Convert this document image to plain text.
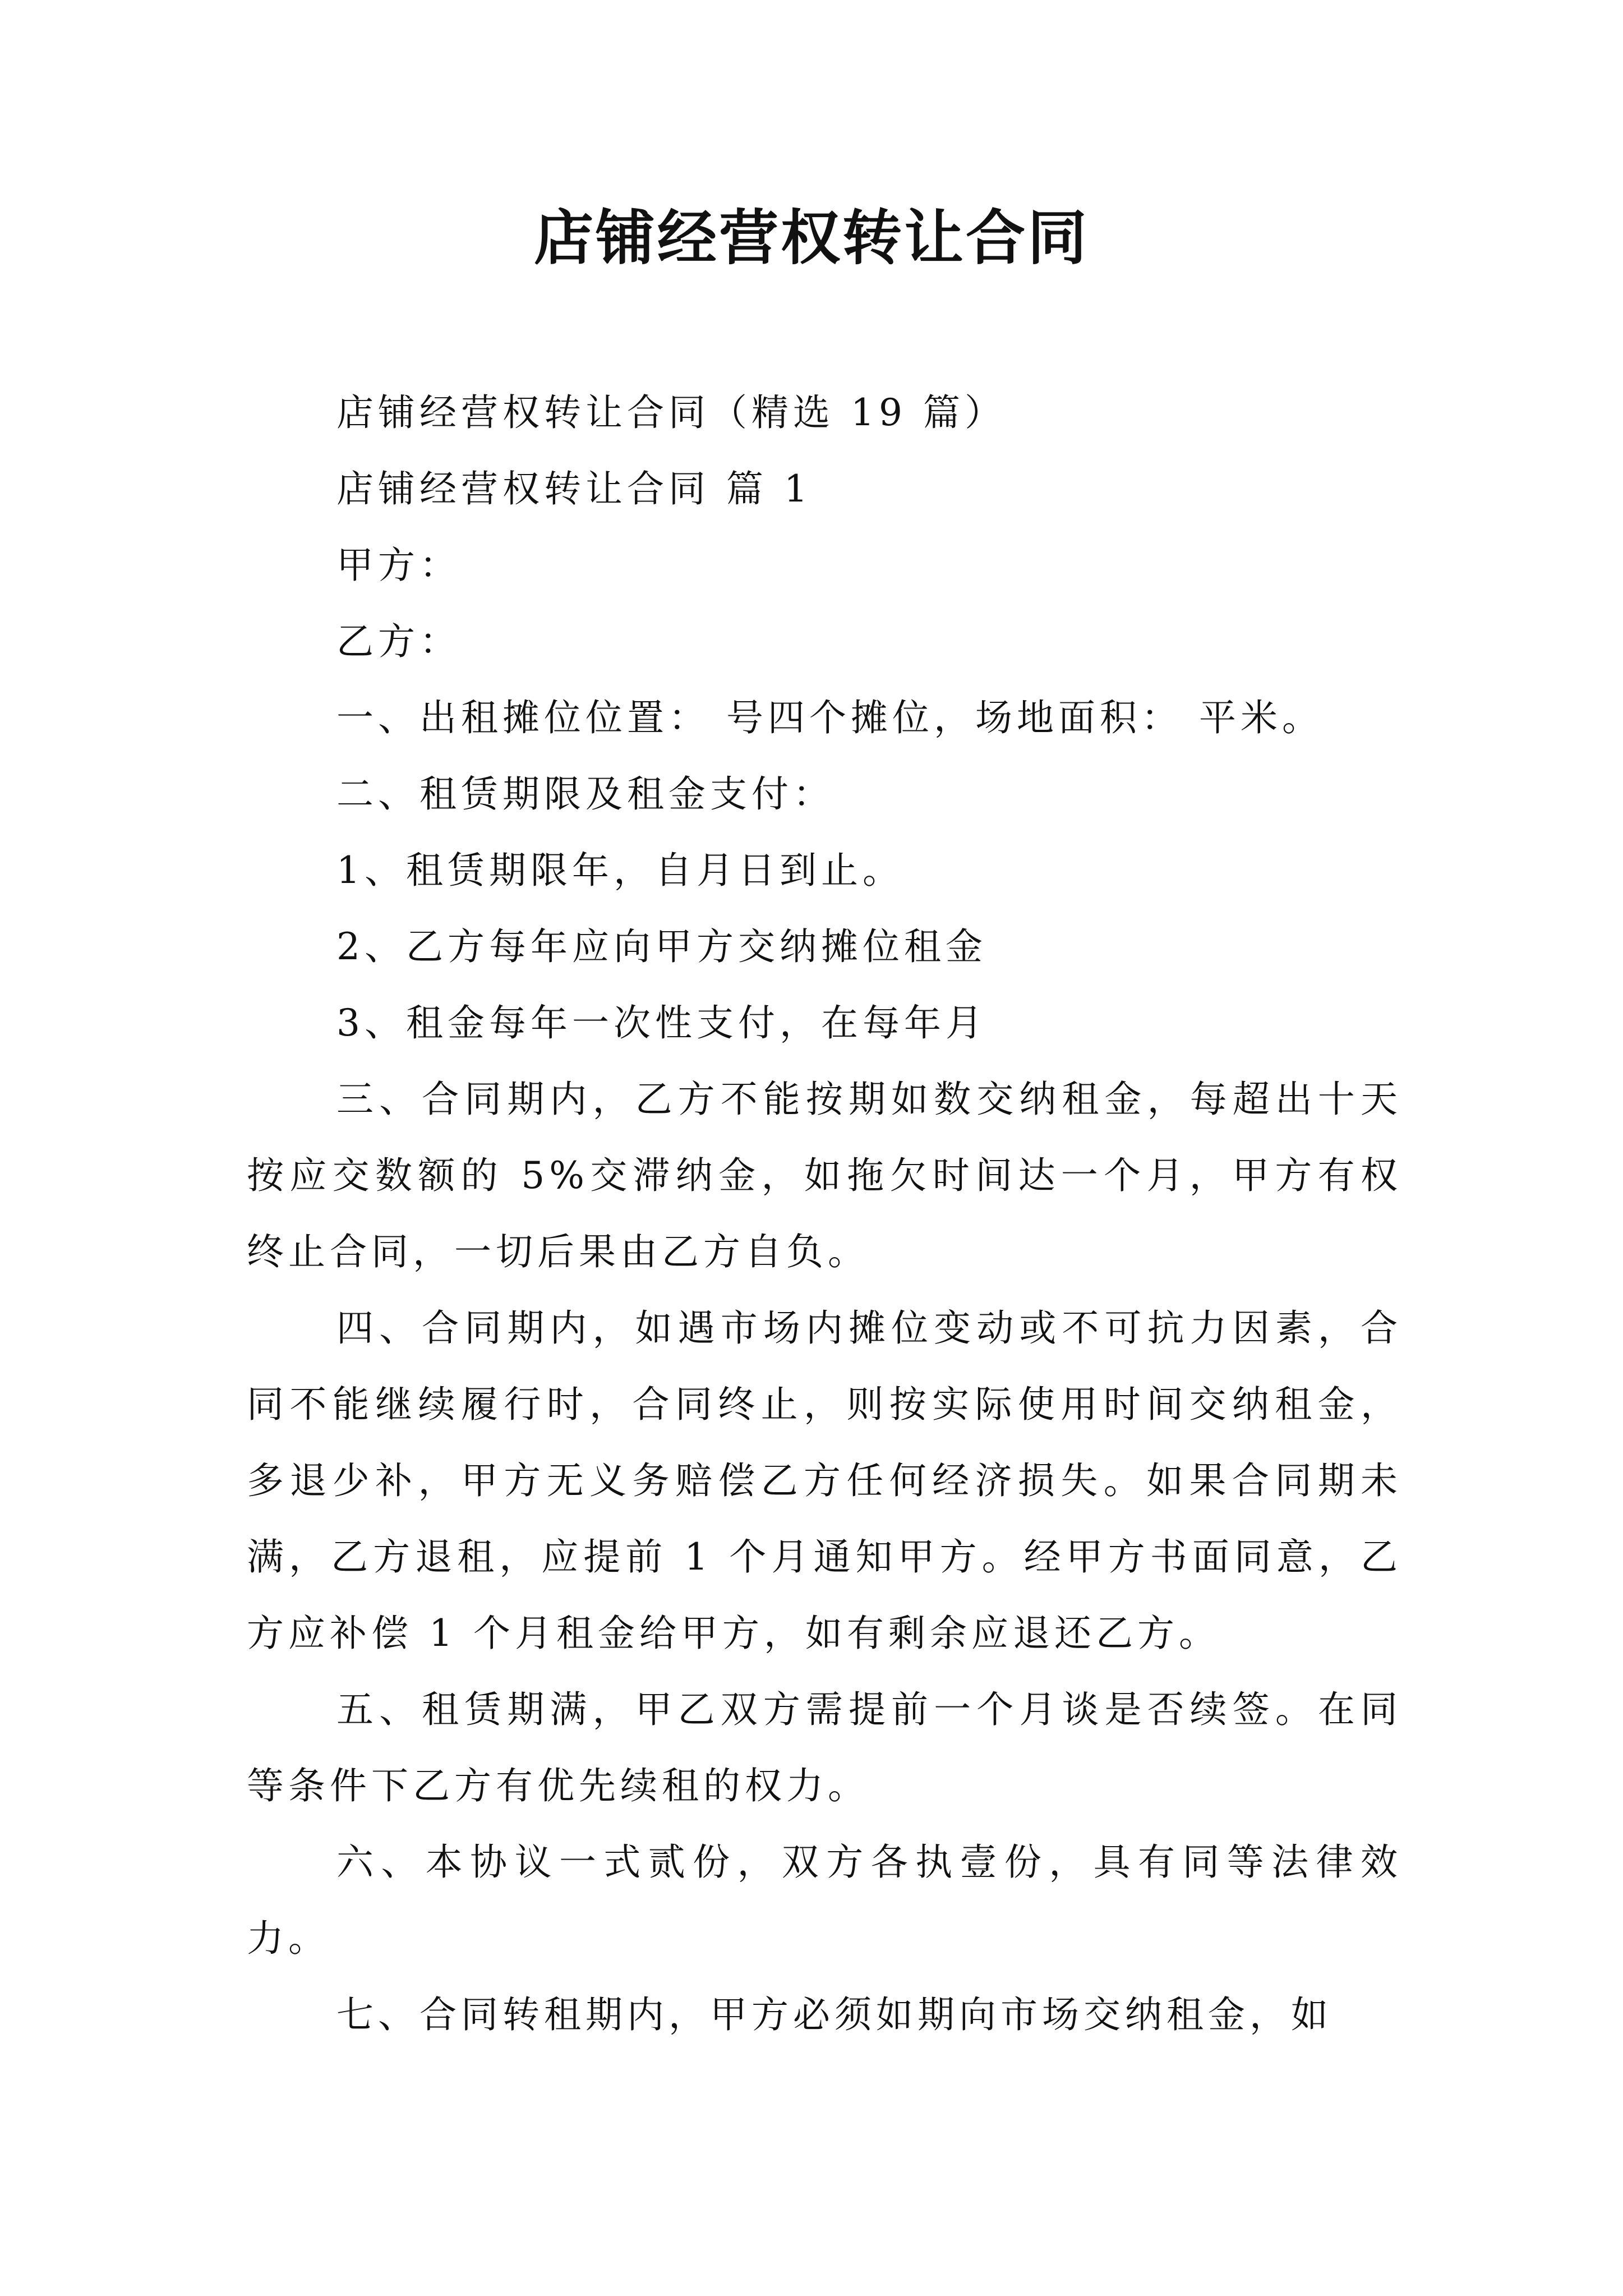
店铺经营权转让合同

店铺经营权转让合同（精选 19 篇）

店铺经营权转让合同 篇 1

甲方：

乙方：

一、出租摊位位置： 号四个摊位，场地面积： 平米。

二、租赁期限及租金支付：

1、租赁期限年，自月日到止。

2、乙方每年应向甲方交纳摊位租金

3、租金每年一次性支付，在每年月

三、合同期内，乙方不能按期如数交纳租金，每超出十天按应交数额的 5%交滞纳金，如拖欠时间达一个月，甲方有权终止合同，一切后果由乙方自负。

四、合同期内，如遇市场内摊位变动或不可抗力因素，合同不能继续履行时，合同终止，则按实际使用时间交纳租金，多退少补，甲方无义务赔偿乙方任何经济损失。如果合同期未满，乙方退租，应提前 1 个月通知甲方。经甲方书面同意，乙方应补偿 1 个月租金给甲方，如有剩余应退还乙方。

五、租赁期满，甲乙双方需提前一个月谈是否续签。在同等条件下乙方有优先续租的权力。

六、本协议一式贰份，双方各执壹份，具有同等法律效力。

七、合同转租期内，甲方必须如期向市场交纳租金，如
